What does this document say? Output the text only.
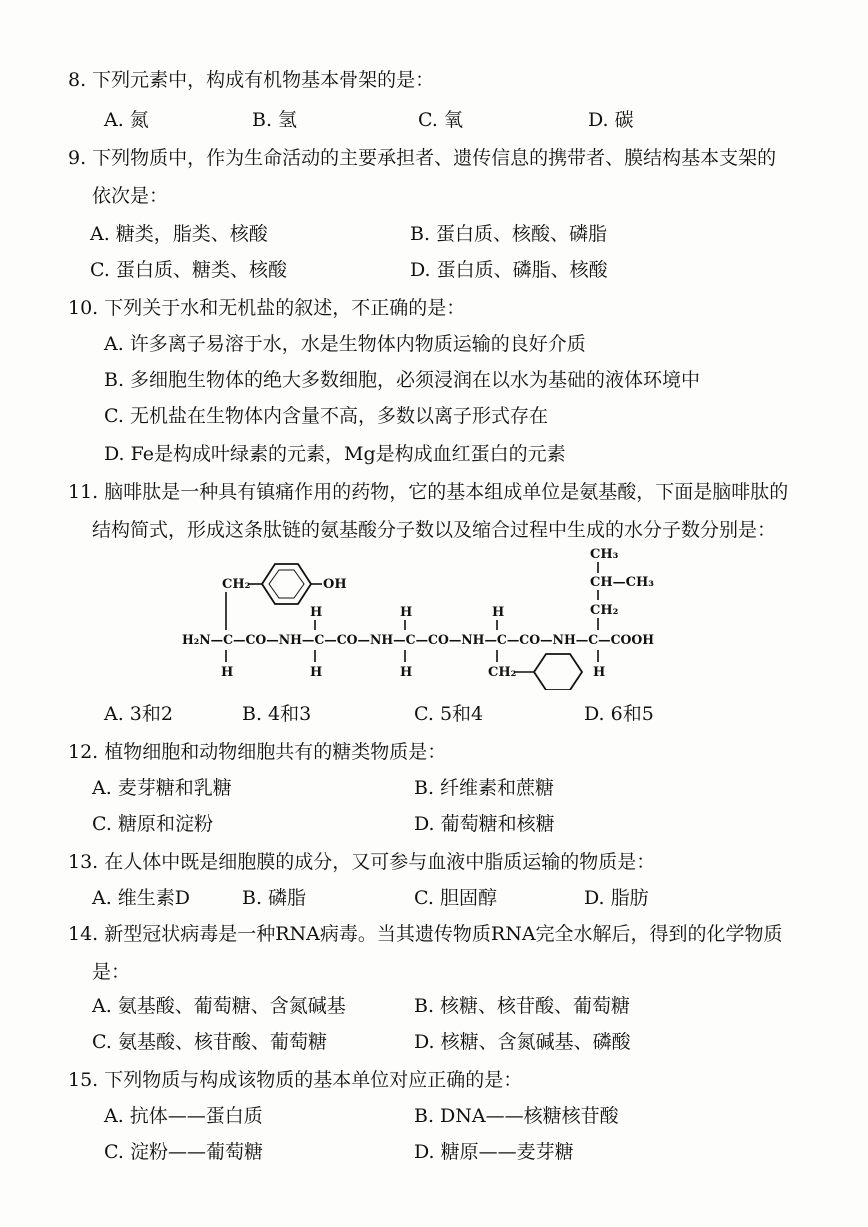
8. 下列元素中，构成有机物基本骨架的是：
A. 氮	B. 氢	C. 氧	D. 碳
9. 下列物质中，作为生命活动的主要承担者、遗传信息的携带者、膜结构基本支架的
依次是：
A. 糖类，脂类、核酸	B. 蛋白质、核酸、磷脂
C. 蛋白质、糖类、核酸	D. 蛋白质、磷脂、核酸
10. 下列关于水和无机盐的叙述，不正确的是：
A. 许多离子易溶于水，水是生物体内物质运输的良好介质
B. 多细胞生物体的绝大多数细胞，必须浸润在以水为基础的液体环境中
C. 无机盐在生物体内含量不高，多数以离子形式存在
D. Fe是构成叶绿素的元素，Mg是构成血红蛋白的元素
11. 脑啡肽是一种具有镇痛作用的药物，它的基本组成单位是氨基酸，下面是脑啡肽的
结构简式，形成这条肽链的氨基酸分子数以及缩合过程中生成的水分子数分别是：
CH₃
CH—CH₃
CH₂
CH₂	OH
H	H	H
H₂N—C—CO—NH—C—CO—NH—C—CO—NH—C—CO—NH—C—COOH
H	H	H	CH₂	H
A. 3和2	B. 4和3	C. 5和4	D. 6和5
12. 植物细胞和动物细胞共有的糖类物质是：
A. 麦芽糖和乳糖	B. 纤维素和蔗糖
C. 糖原和淀粉	D. 葡萄糖和核糖
13. 在人体中既是细胞膜的成分，又可参与血液中脂质运输的物质是：
A. 维生素D	B. 磷脂	C. 胆固醇	D. 脂肪
14. 新型冠状病毒是一种RNA病毒。当其遗传物质RNA完全水解后，得到的化学物质
是：
A. 氨基酸、葡萄糖、含氮碱基	B. 核糖、核苷酸、葡萄糖
C. 氨基酸、核苷酸、葡萄糖	D. 核糖、含氮碱基、磷酸
15. 下列物质与构成该物质的基本单位对应正确的是：
A. 抗体——蛋白质	B. DNA——核糖核苷酸
C. 淀粉——葡萄糖	D. 糖原——麦芽糖
